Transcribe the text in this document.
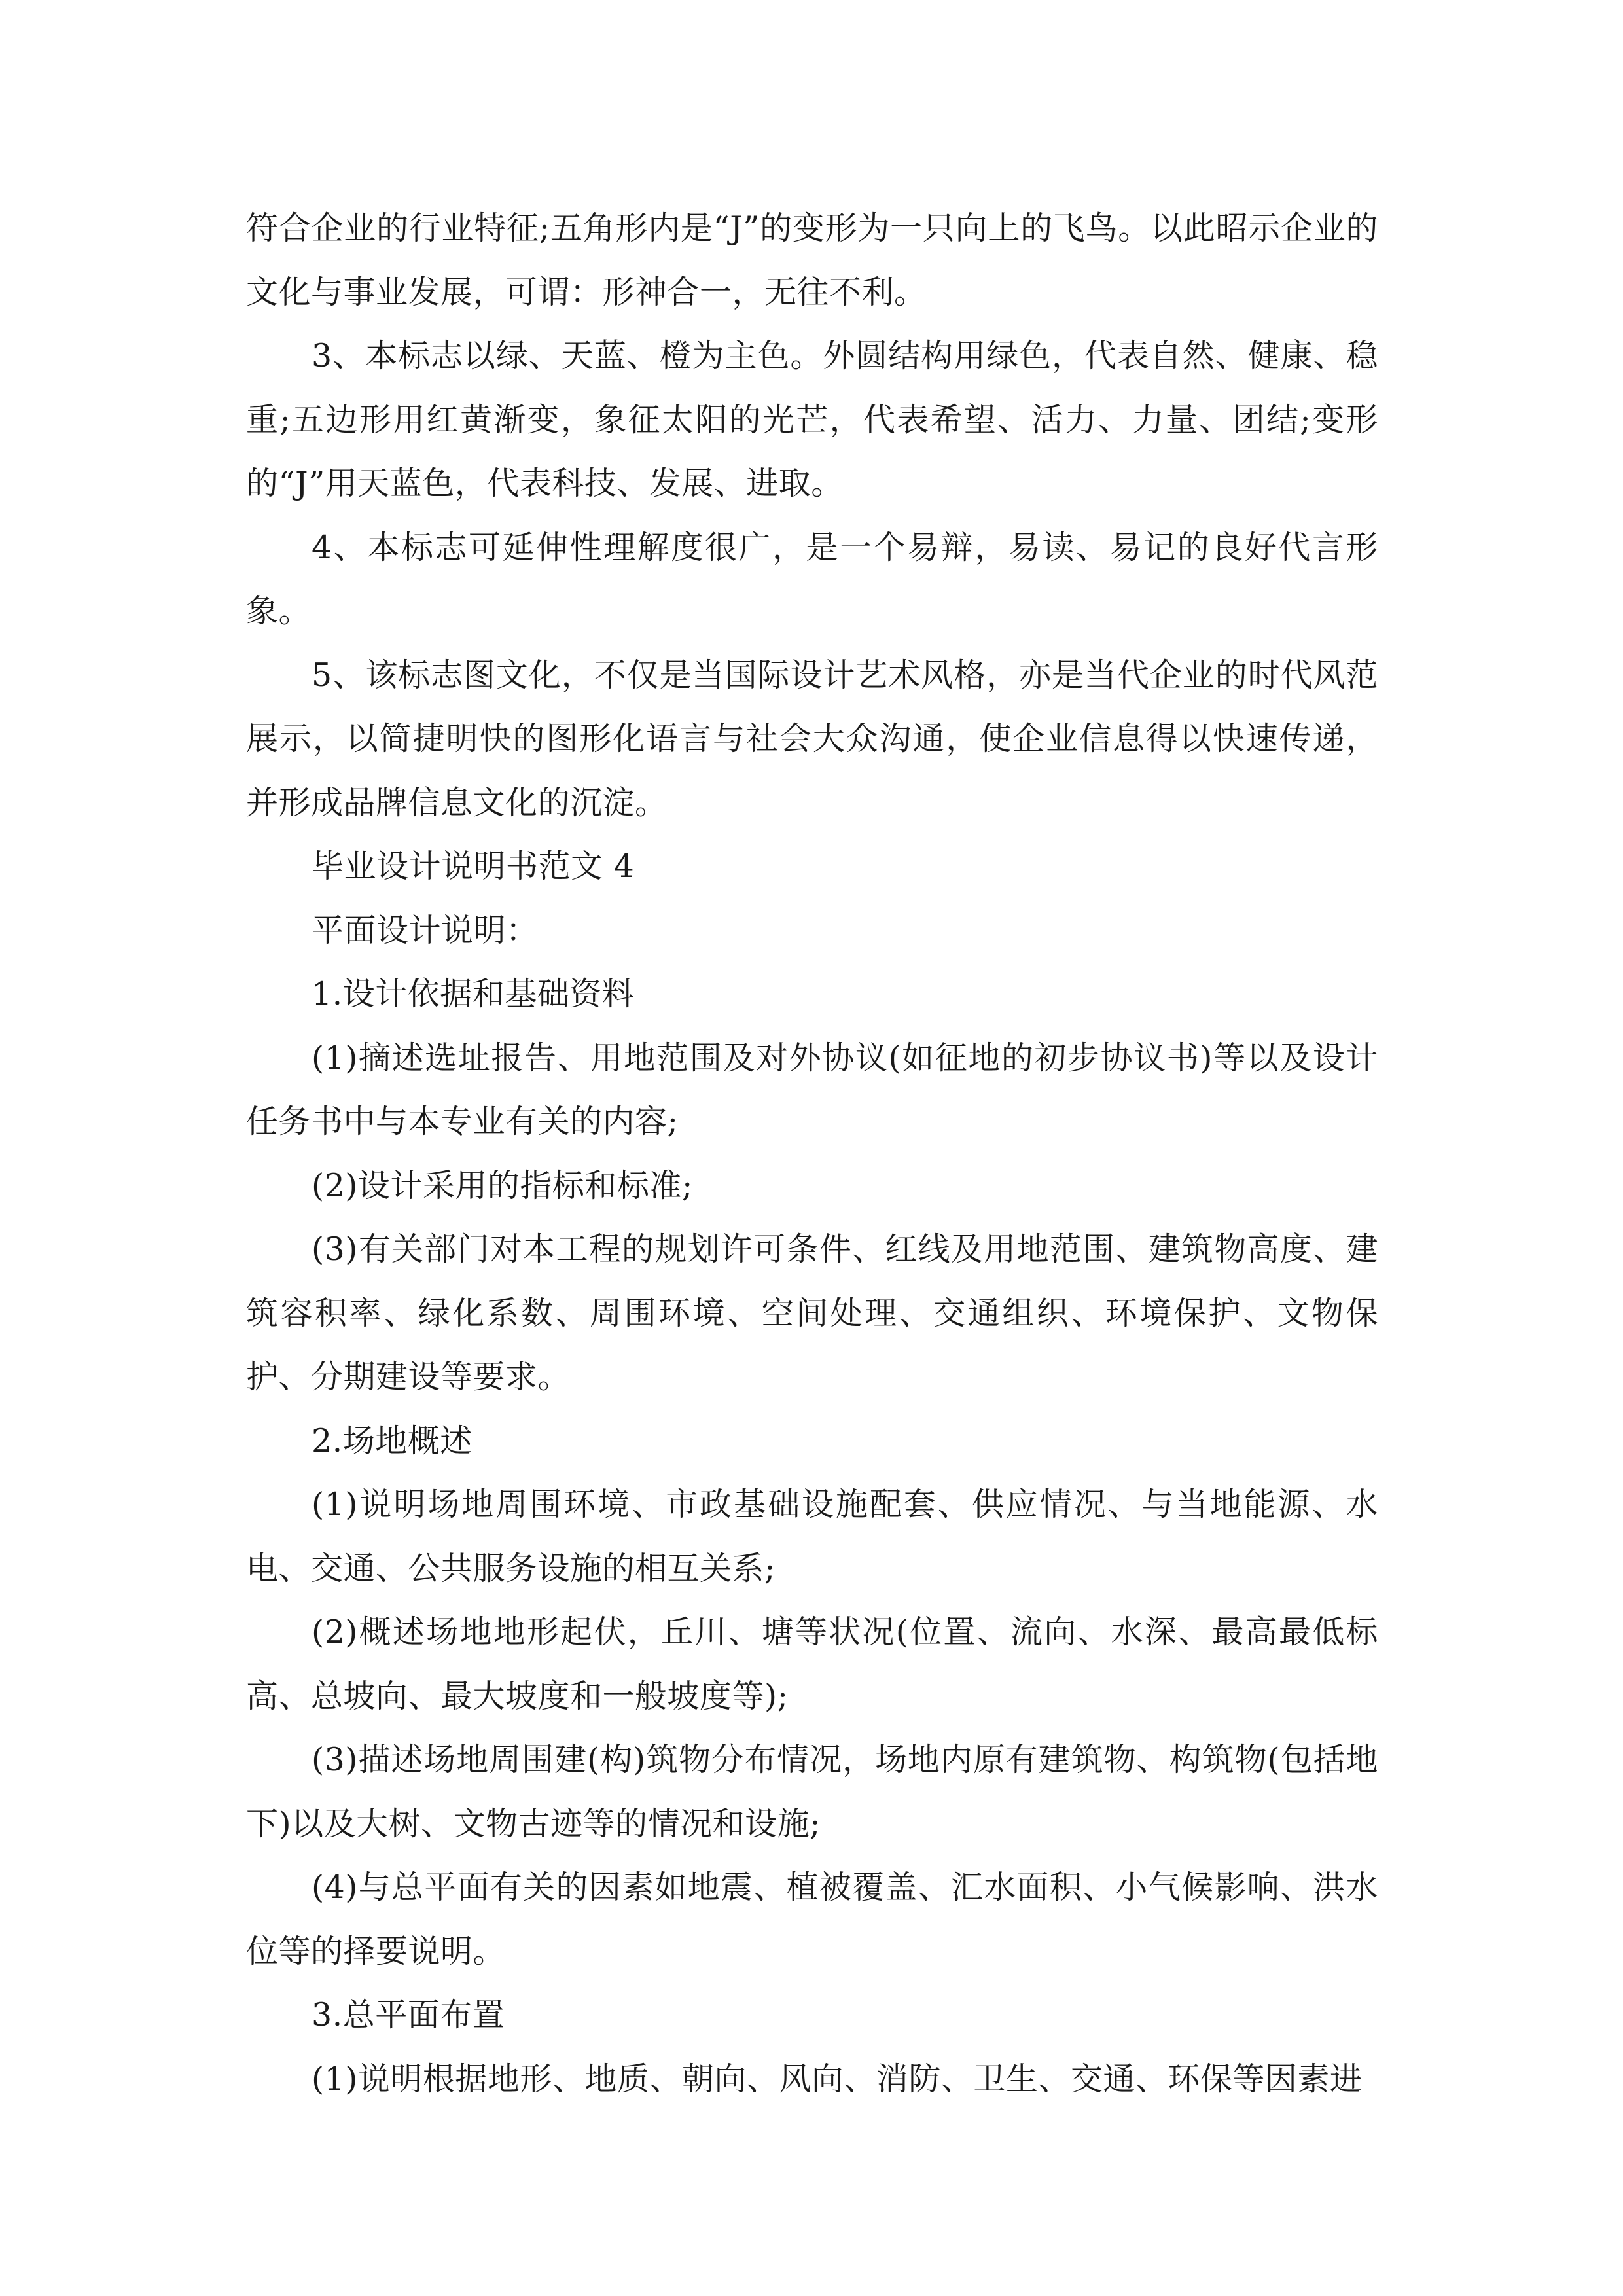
符合企业的行业特征;五角形内是“J”的变形为一只向上的飞鸟。以此昭示企业的文化与事业发展，可谓：形神合一，无往不利。

3、本标志以绿、天蓝、橙为主色。外圆结构用绿色，代表自然、健康、稳重;五边形用红黄渐变，象征太阳的光芒，代表希望、活力、力量、团结;变形的“J”用天蓝色，代表科技、发展、进取。

4、本标志可延伸性理解度很广，是一个易辩，易读、易记的良好代言形象。

5、该标志图文化，不仅是当国际设计艺术风格，亦是当代企业的时代风范展示，以简捷明快的图形化语言与社会大众沟通，使企业信息得以快速传递，并形成品牌信息文化的沉淀。

毕业设计说明书范文 4

平面设计说明：

1.设计依据和基础资料

(1)摘述选址报告、用地范围及对外协议(如征地的初步协议书)等以及设计任务书中与本专业有关的内容;

(2)设计采用的指标和标准;

(3)有关部门对本工程的规划许可条件、红线及用地范围、建筑物高度、建筑容积率、绿化系数、周围环境、空间处理、交通组织、环境保护、文物保护、分期建设等要求。

2.场地概述

(1)说明场地周围环境、市政基础设施配套、供应情况、与当地能源、水电、交通、公共服务设施的相互关系;

(2)概述场地地形起伏，丘川、塘等状况(位置、流向、水深、最高最低标高、总坡向、最大坡度和一般坡度等);

(3)描述场地周围建(构)筑物分布情况，场地内原有建筑物、构筑物(包括地下)以及大树、文物古迹等的情况和设施;

(4)与总平面有关的因素如地震、植被覆盖、汇水面积、小气候影响、洪水位等的择要说明。

3.总平面布置

(1)说明根据地形、地质、朝向、风向、消防、卫生、交通、环保等因素进
